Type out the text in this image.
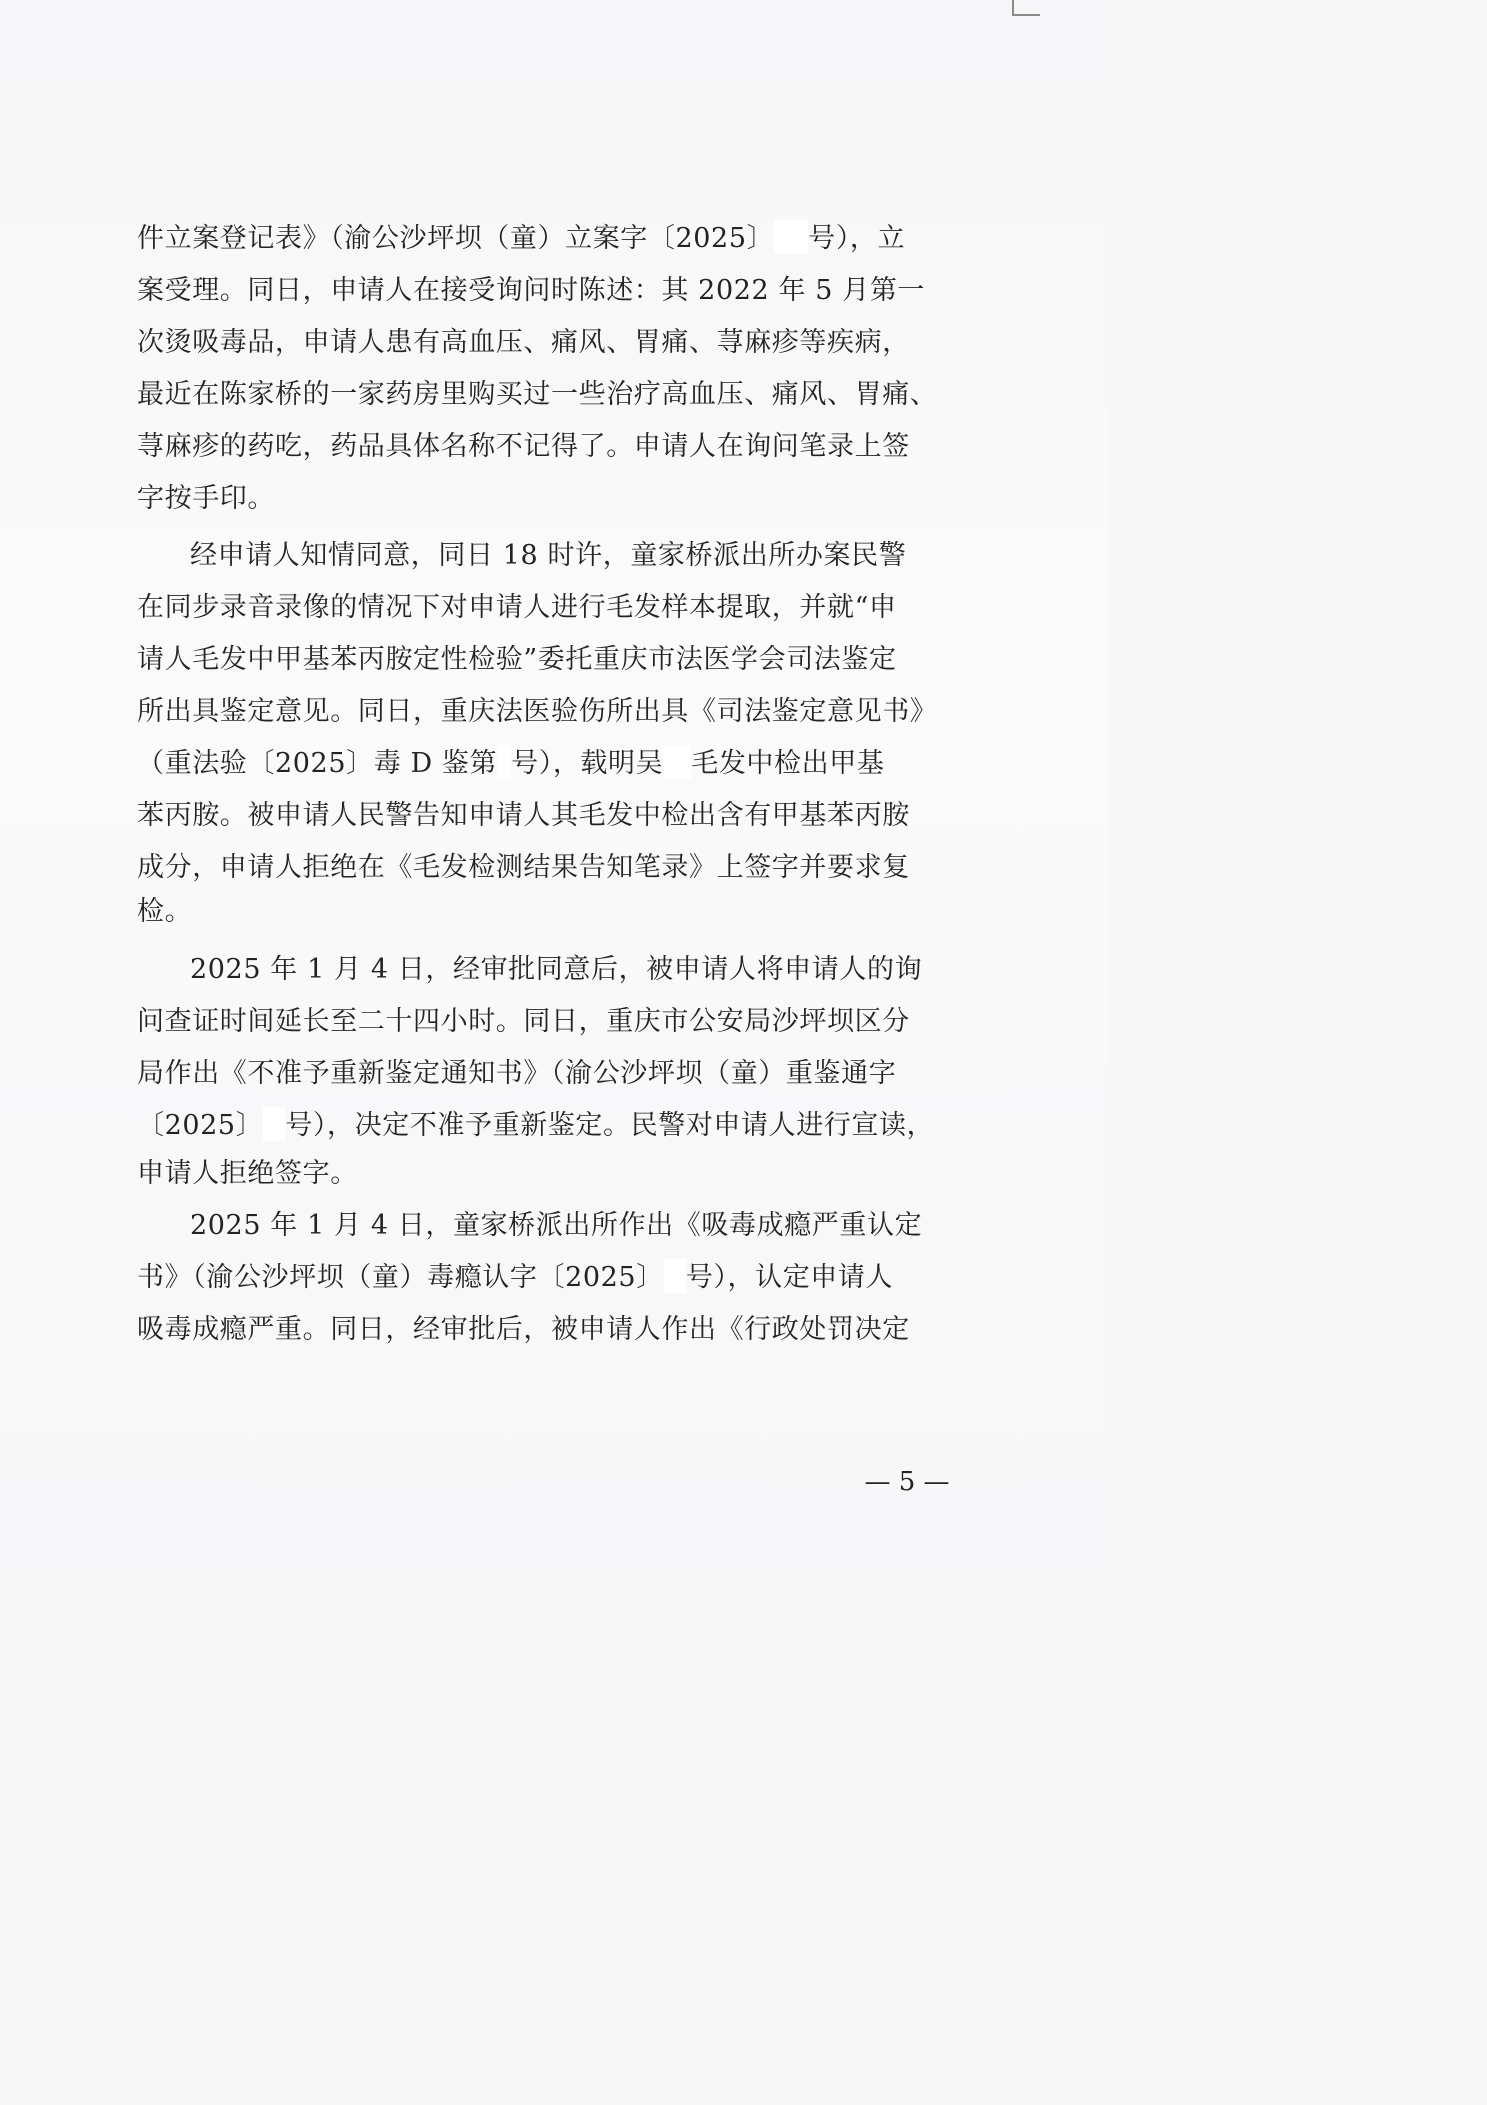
件立案登记表》（渝公沙坪坝（童）立案字〔2025〕 号），立
案受理。同日，申请人在接受询问时陈述：其 2022 年 5 月第一
次烫吸毒品，申请人患有高血压、痛风、胃痛、荨麻疹等疾病，
最近在陈家桥的一家药房里购买过一些治疗高血压、痛风、胃痛、
荨麻疹的药吃，药品具体名称不记得了。申请人在询问笔录上签
字按手印。
经申请人知情同意，同日 18 时许，童家桥派出所办案民警
在同步录音录像的情况下对申请人进行毛发样本提取，并就“申
请人毛发中甲基苯丙胺定性检验”委托重庆市法医学会司法鉴定
所出具鉴定意见。同日，重庆法医验伤所出具《司法鉴定意见书》
（重法验〔2025〕毒 D 鉴第 号），载明吴 毛发中检出甲基
苯丙胺。被申请人民警告知申请人其毛发中检出含有甲基苯丙胺
成分，申请人拒绝在《毛发检测结果告知笔录》上签字并要求复
检。
2025 年 1 月 4 日，经审批同意后，被申请人将申请人的询
问查证时间延长至二十四小时。同日，重庆市公安局沙坪坝区分
局作出《不准予重新鉴定通知书》（渝公沙坪坝（童）重鉴通字
〔2025〕 号），决定不准予重新鉴定。民警对申请人进行宣读，
申请人拒绝签字。
2025 年 1 月 4 日，童家桥派出所作出《吸毒成瘾严重认定
书》（渝公沙坪坝（童）毒瘾认字〔2025〕 号），认定申请人
吸毒成瘾严重。同日，经审批后，被申请人作出《行政处罚决定
— 5 —
